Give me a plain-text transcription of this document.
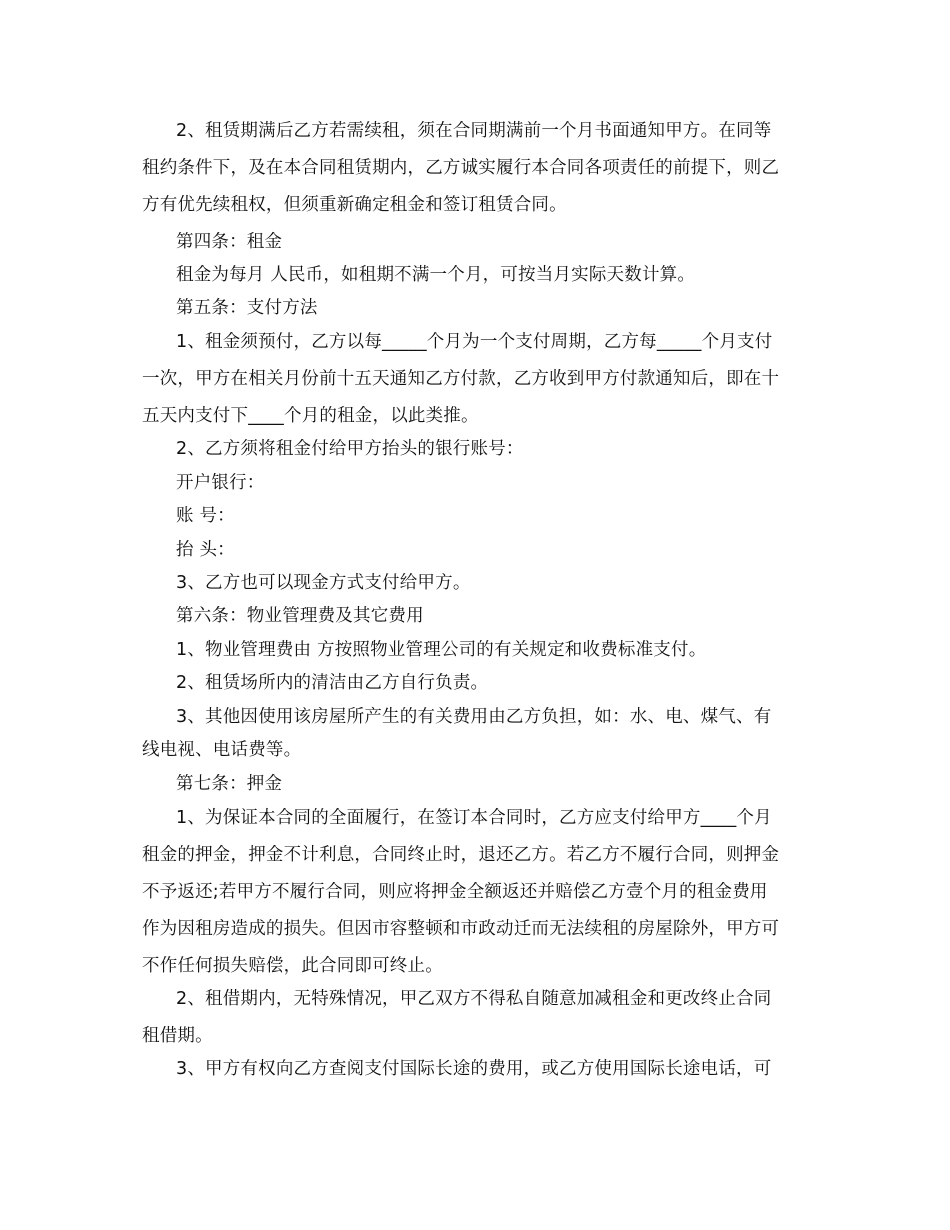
2、租赁期满后乙方若需续租，须在合同期满前一个月书面通知甲方。在同等
租约条件下，及在本合同租赁期内，乙方诚实履行本合同各项责任的前提下，则乙
方有优先续租权，但须重新确定租金和签订租赁合同。
第四条：租金
租金为每月 人民币，如租期不满一个月，可按当月实际天数计算。
第五条：支付方法
1、租金须预付，乙方以每_____个月为一个支付周期，乙方每_____个月支付
一次，甲方在相关月份前十五天通知乙方付款，乙方收到甲方付款通知后，即在十
五天内支付下____个月的租金，以此类推。
2、乙方须将租金付给甲方抬头的银行账号：
开户银行：
账 号：
抬 头：
3、乙方也可以现金方式支付给甲方。
第六条：物业管理费及其它费用
1、物业管理费由 方按照物业管理公司的有关规定和收费标准支付。
2、租赁场所内的清洁由乙方自行负责。
3、其他因使用该房屋所产生的有关费用由乙方负担，如：水、电、煤气、有
线电视、电话费等。
第七条：押金
1、为保证本合同的全面履行，在签订本合同时，乙方应支付给甲方____个月
租金的押金，押金不计利息，合同终止时，退还乙方。若乙方不履行合同，则押金
不予返还;若甲方不履行合同，则应将押金全额返还并赔偿乙方壹个月的租金费用
作为因租房造成的损失。但因市容整顿和市政动迁而无法续租的房屋除外，甲方可
不作任何损失赔偿，此合同即可终止。
2、租借期内，无特殊情况，甲乙双方不得私自随意加减租金和更改终止合同
租借期。
3、甲方有权向乙方查阅支付国际长途的费用，或乙方使用国际长途电话，可
